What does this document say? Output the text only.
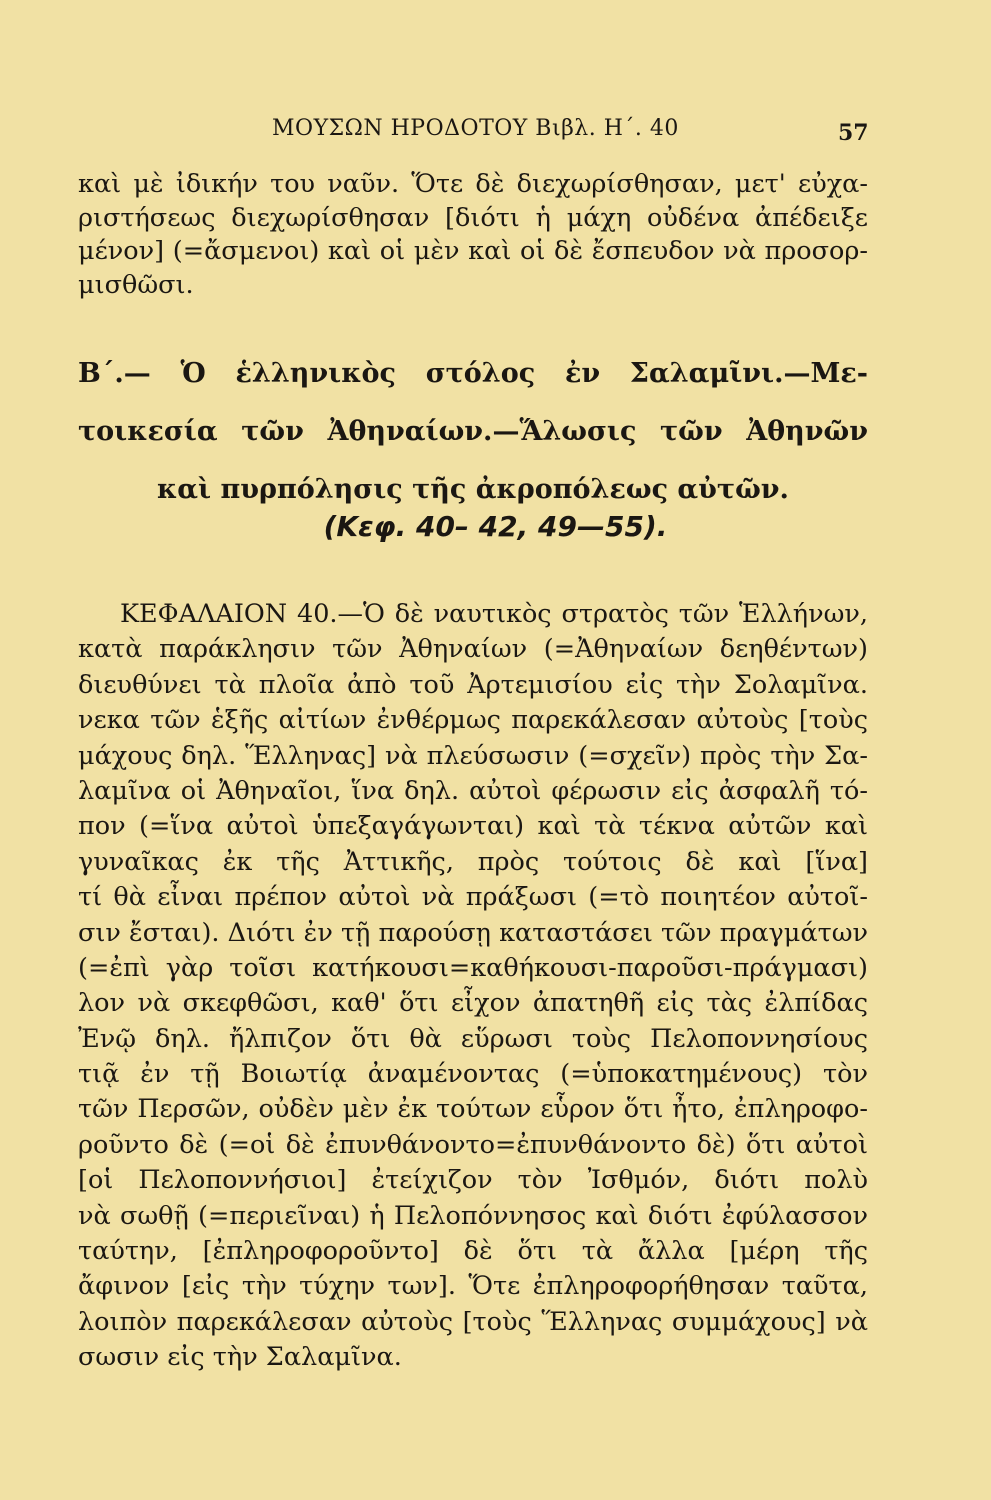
ΜΟΥΣΩΝ ΗΡΟΔΟΤΟΥ Βιβλ. Η΄. 40	57
καὶ μὲ ἰδικήν του ναῦν. Ὅτε δὲ διεχωρίσθησαν, μετ' εὐχα-
ριστήσεως διεχωρίσθησαν [διότι ἡ μάχη οὐδένα ἀπέδειξε
μένον] (=ἄσμενοι) καὶ οἱ μὲν καὶ οἱ δὲ ἔσπευδον νὰ προσορ-
μισθῶσι.
Β΄.— Ὁ ἑλληνικὸς στόλος ἐν Σαλαμῖνι.—Με-
τοικεσία τῶν Ἀθηναίων.—Ἅλωσις τῶν Ἀθηνῶν
καὶ πυρπόλησις τῆς ἀκροπόλεως αὐτῶν.
(Κεφ. 40– 42, 49—55).
ΚΕΦΑΛΑΙΟΝ 40.—Ὁ δὲ ναυτικὸς στρατὸς τῶν Ἑλλήνων,
κατὰ παράκλησιν τῶν Ἀθηναίων (=Ἀθηναίων δεηθέντων)
διευθύνει τὰ πλοῖα ἀπὸ τοῦ Ἀρτεμισίου εἰς τὴν Σολαμῖνα.
νεκα τῶν ἑξῆς αἰτίων ἐνθέρμως παρεκάλεσαν αὐτοὺς [τοὺς
μάχους δηλ. Ἕλληνας] νὰ πλεύσωσιν (=σχεῖν) πρὸς τὴν Σα-
λαμῖνα οἱ Ἀθηναῖοι, ἵνα δηλ. αὐτοὶ φέρωσιν εἰς ἀσφαλῆ τό-
πον (=ἵνα αὐτοὶ ὑπεξαγάγωνται) καὶ τὰ τέκνα αὐτῶν καὶ
γυναῖκας ἐκ τῆς Ἀττικῆς, πρὸς τούτοις δὲ καὶ [ἵνα]
τί θὰ εἶναι πρέπον αὐτοὶ νὰ πράξωσι (=τὸ ποιητέον αὐτοῖ-
σιν ἔσται). Διότι ἐν τῇ παρούσῃ καταστάσει τῶν πραγμάτων
(=ἐπὶ γὰρ τοῖσι κατήκουσι=καθήκουσι-παροῦσι-πράγμασι)
λον νὰ σκεφθῶσι, καθ' ὅτι εἶχον ἀπατηθῆ εἰς τὰς ἐλπίδας
Ἐνῷ δηλ. ἤλπιζον ὅτι θὰ εὕρωσι τοὺς Πελοποννησίους
τιᾷ ἐν τῇ Βοιωτίᾳ ἀναμένοντας (=ὑποκατημένους) τὸν
τῶν Περσῶν, οὐδὲν μὲν ἐκ τούτων εὗρον ὅτι ἦτο, ἐπληροφο-
ροῦντο δὲ (=οἱ δὲ ἐπυνθάνοντο=ἐπυνθάνοντο δὲ) ὅτι αὐτοὶ
[οἱ Πελοποννήσιοι] ἐτείχιζον τὸν Ἰσθμόν, διότι πολὺ
νὰ σωθῇ (=περιεῖναι) ἡ Πελοπόννησος καὶ διότι ἐφύλασσον
ταύτην, [ἐπληροφοροῦντο] δὲ ὅτι τὰ ἄλλα [μέρη τῆς
ἄφινον [εἰς τὴν τύχην των]. Ὅτε ἐπληροφορήθησαν ταῦτα,
λοιπὸν παρεκάλεσαν αὐτοὺς [τοὺς Ἕλληνας συμμάχους] νὰ
σωσιν εἰς τὴν Σαλαμῖνα.
